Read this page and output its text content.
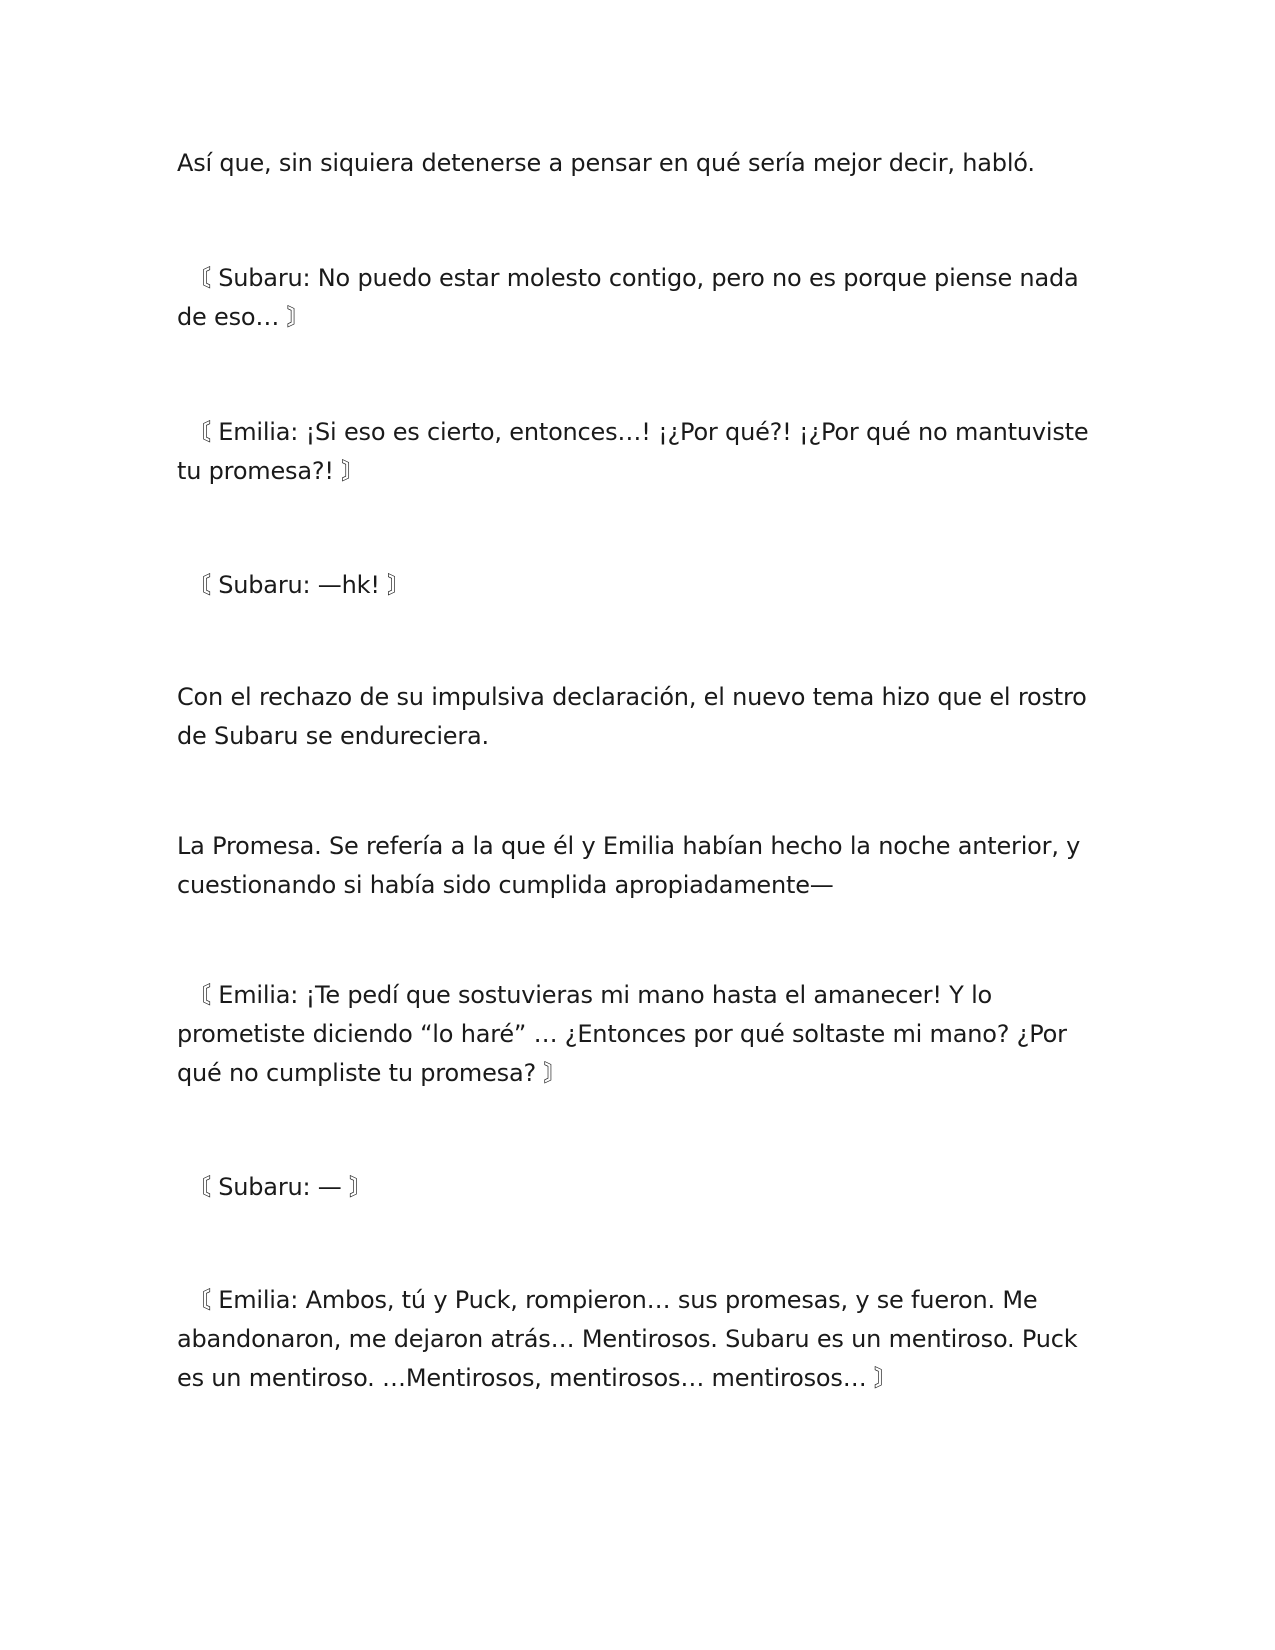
Así que, sin siquiera detenerse a pensar en qué sería mejor decir, habló.

〘 Subaru: No puedo estar molesto contigo, pero no es porque piense nada de eso… 〙

〘 Emilia: ¡Si eso es cierto, entonces…! ¡¿Por qué?! ¡¿Por qué no mantuviste tu promesa?! 〙

〘 Subaru: —hk! 〙

Con el rechazo de su impulsiva declaración, el nuevo tema hizo que el rostro de Subaru se endureciera.

La Promesa. Se refería a la que él y Emilia habían hecho la noche anterior, y cuestionando si había sido cumplida apropiadamente—

〘 Emilia: ¡Te pedí que sostuvieras mi mano hasta el amanecer! Y lo prometiste diciendo “lo haré” … ¿Entonces por qué soltaste mi mano? ¿Por qué no cumpliste tu promesa? 〙

〘 Subaru: — 〙

〘 Emilia: Ambos, tú y Puck, rompieron… sus promesas, y se fueron. Me abandonaron, me dejaron atrás… Mentirosos. Subaru es un mentiroso. Puck es un mentiroso. …Mentirosos, mentirosos… mentirosos… 〙
